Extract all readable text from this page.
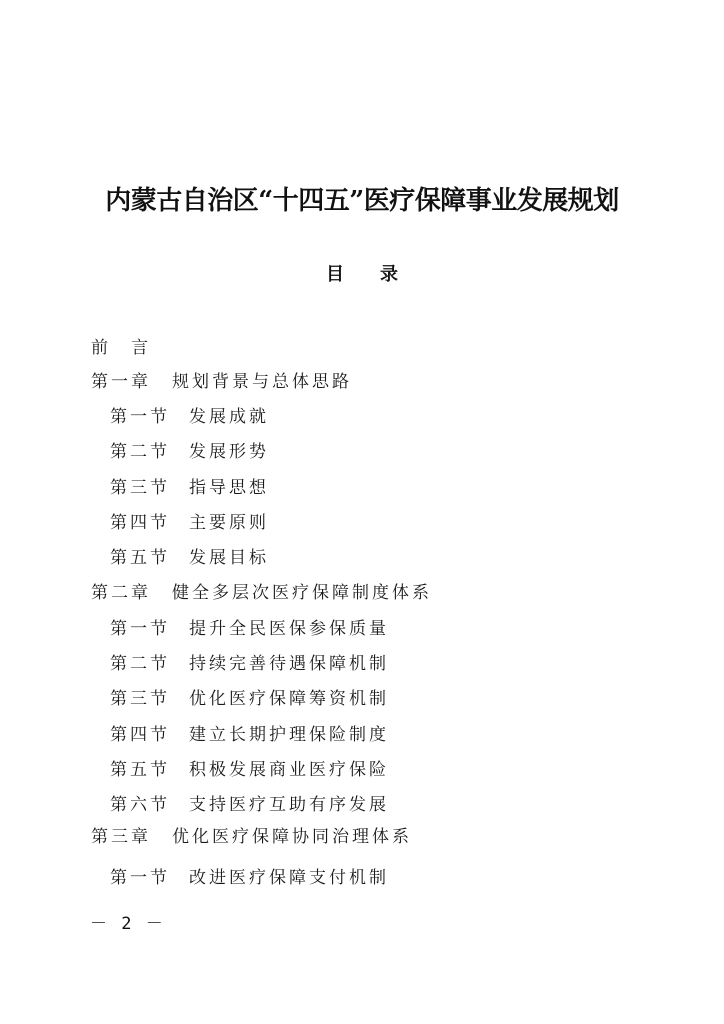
内蒙古自治区“十四五”医疗保障事业发展规划
目　　录
前　言
第一章 规划背景与总体思路
第一节 发展成就
第二节 发展形势
第三节 指导思想
第四节 主要原则
第五节 发展目标
第二章 健全多层次医疗保障制度体系
第一节 提升全民医保参保质量
第二节 持续完善待遇保障机制
第三节 优化医疗保障筹资机制
第四节 建立长期护理保险制度
第五节 积极发展商业医疗保险
第六节 支持医疗互助有序发展
第三章 优化医疗保障协同治理体系
第一节 改进医疗保障支付机制
－ 2 －
